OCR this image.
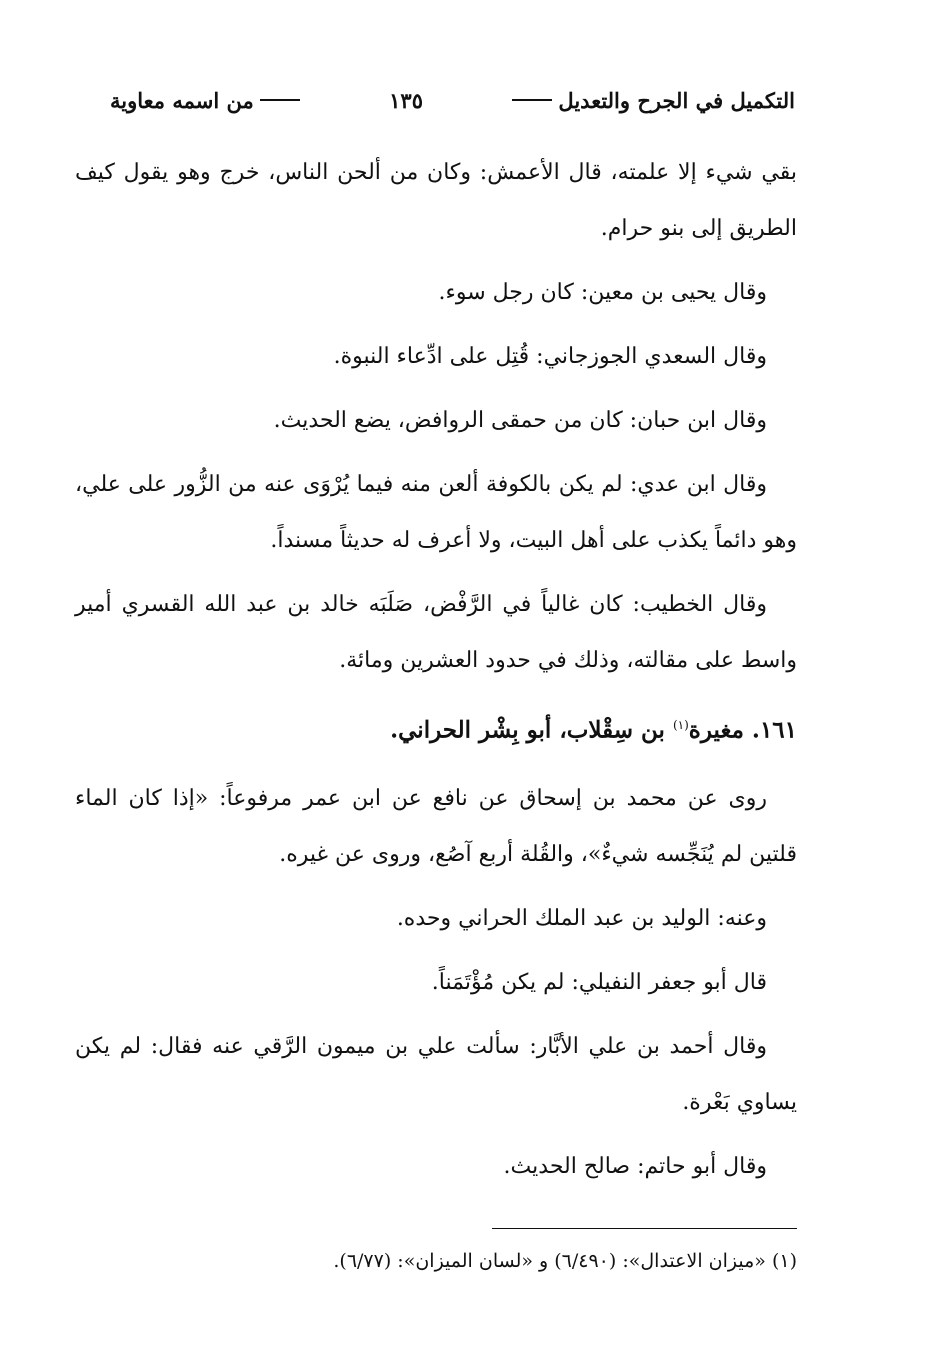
التكميل في الجرح والتعديل
١٣٥
من اسمه معاوية

بقي شيء إلا علمته، قال الأعمش: وكان من ألحن الناس، خرج وهو يقول كيف الطريق إلى بنو حرام.

وقال يحيى بن معين: كان رجل سوء.

وقال السعدي الجوزجاني: قُتِل على ادِّعاء النبوة.

وقال ابن حبان: كان من حمقى الروافض، يضع الحديث.

وقال ابن عدي: لم يكن بالكوفة ألعن منه فيما يُرْوَى عنه من الزُّور على علي، وهو دائماً يكذب على أهل البيت، ولا أعرف له حديثاً مسنداً.

وقال الخطيب: كان غالياً في الرَّفْض، صَلَبَه خالد بن عبد الله القسري أمير واسط على مقالته، وذلك في حدود العشرين ومائة.

١٦١. مغيرة$^{(١)}$ بن سِقْلاب، أبو بِشْر الحراني.

روى عن محمد بن إسحاق عن نافع عن ابن عمر مرفوعاً: «إذا كان الماء قلتين لم يُنَجِّسه شيءٌ»، والقُلة أربع آصُع، وروى عن غيره.

وعنه: الوليد بن عبد الملك الحراني وحده.

قال أبو جعفر النفيلي: لم يكن مُؤْتَمَناً.

وقال أحمد بن علي الأبَّار: سألت علي بن ميمون الرَّقي عنه فقال: لم يكن يساوي بَعْرة.

وقال أبو حاتم: صالح الحديث.

(١) «ميزان الاعتدال»: (٦/٤٩٠) و «لسان الميزان»: (٦/٧٧).
